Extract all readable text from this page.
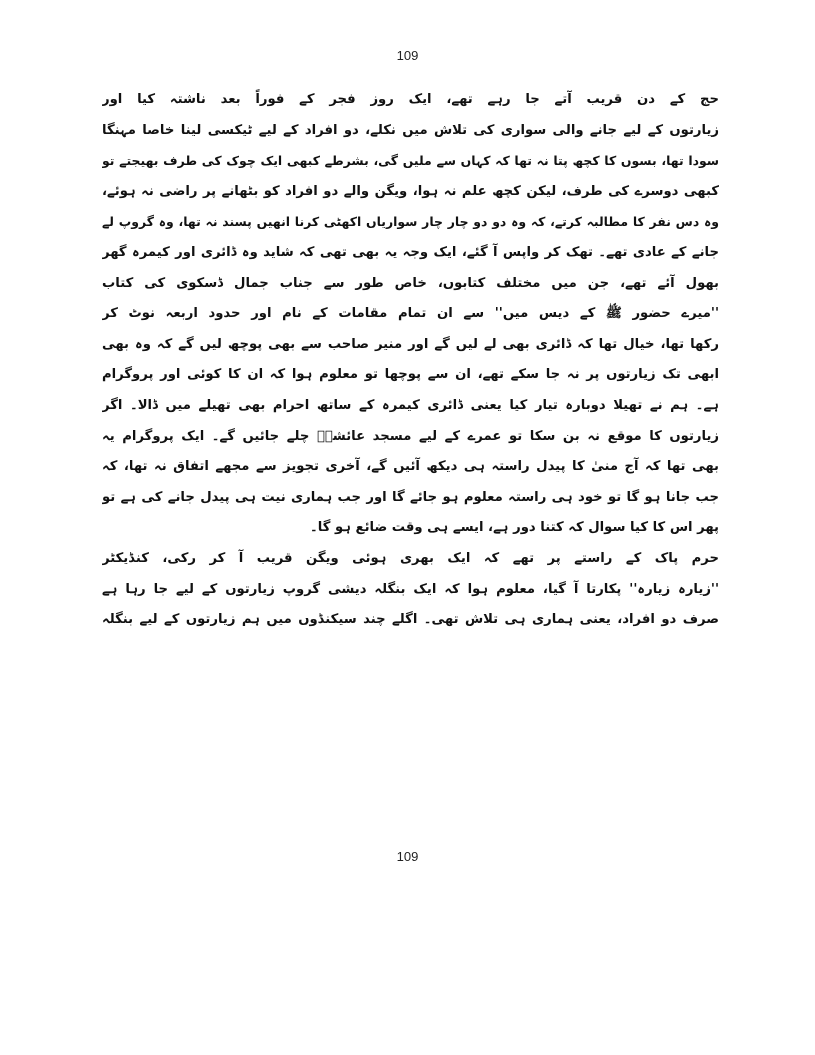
109
حج کے دن قریب آتے جا رہے تھے، ایک روز فجر کے فوراً بعد ناشتہ کیا اور
زیارتوں کے لیے جانے والی سواری کی تلاش میں نکلے، دو افراد کے لیے ٹیکسی لینا خاصا مہنگا
سودا تھا، بسوں کا کچھ پتا نہ تھا کہ کہاں سے ملیں گی، بشرطے کبھی ایک چوک کی طرف بھیجتے تو
کبھی دوسرے کی طرف، لیکن کچھ علم نہ ہوا، ویگن والے دو افراد کو بٹھانے پر راضی نہ ہوئے،
وہ دس نفر کا مطالبہ کرتے، کہ وہ دو دو چار چار سواریاں اکھٹی کرنا انھیں پسند نہ تھا، وہ گروپ لے
جانے کے عادی تھے۔ تھک کر واپس آ گئے، ایک وجہ یہ بھی تھی کہ شاید وہ ڈائری اور کیمرہ گھر
بھول آئے تھے، جن میں مختلف کتابوں، خاص طور سے جناب جمال ڈسکوی کی کتاب
''میرے حضور ﷺ کے دیس میں'' سے ان تمام مقامات کے نام اور حدود اربعہ نوٹ کر
رکھا تھا، خیال تھا کہ ڈائری بھی لے لیں گے اور منیر صاحب سے بھی پوچھ لیں گے کہ وہ بھی
ابھی تک زیارتوں پر نہ جا سکے تھے، ان سے پوچھا تو معلوم ہوا کہ ان کا کوئی اور پروگرام
ہے۔ ہم نے تھیلا دوبارہ تیار کیا یعنی ڈائری کیمرہ کے ساتھ احرام بھی تھیلے میں ڈالا۔ اگر
زیارتوں کا موقع نہ بن سکا تو عمرے کے لیے مسجد عائشہؓ چلے جائیں گے۔ ایک پروگرام یہ
بھی تھا کہ آج منیٰ کا پیدل راستہ ہی دیکھ آئیں گے، آخری تجویز سے مجھے اتفاق نہ تھا، کہ
جب جانا ہو گا تو خود ہی راستہ معلوم ہو جائے گا اور جب ہماری نیت ہی پیدل جانے کی ہے تو
پھر اس کا کیا سوال کہ کتنا دور ہے، ایسے ہی وقت ضائع ہو گا۔
حرم پاک کے راستے پر تھے کہ ایک بھری ہوئی ویگن قریب آ کر رکی، کنڈیکٹر
''زیارہ زیارہ'' پکارتا آ گیا، معلوم ہوا کہ ایک بنگلہ دیشی گروپ زیارتوں کے لیے جا رہا ہے
صرف دو افراد، یعنی ہماری ہی تلاش تھی۔ اگلے چند سیکنڈوں میں ہم زیارتوں کے لیے بنگلہ
109
